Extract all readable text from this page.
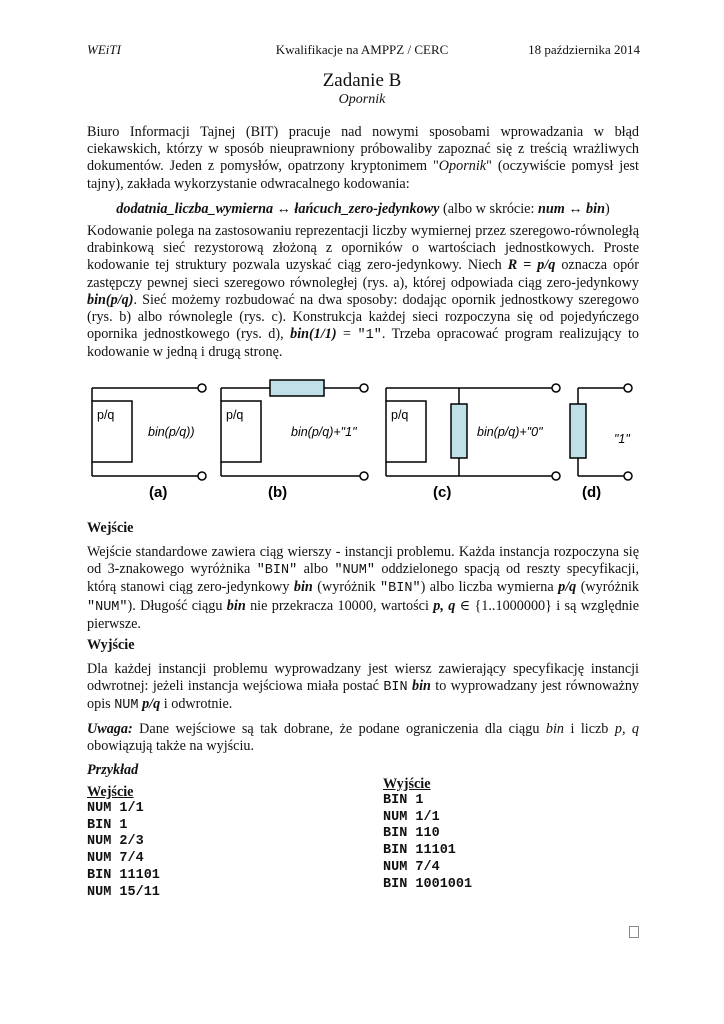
WEiTI	Kwalifikacje na AMPPZ / CERC	18 października 2014
Zadanie B
Opornik

Biuro Informacji Tajnej (BIT) pracuje nad nowymi sposobami wprowadzania w błąd ciekawskich, którzy w sposób nieuprawniony próbowaliby zapoznać się z treścią wrażliwych dokumentów. Jeden z pomysłów, opatrzony kryptonimem "Opornik" (oczywiście pomysł jest tajny), zakłada wykorzystanie odwracalnego kodowania:

dodatnia_liczba_wymierna ↔ łańcuch_zero-jedynkowy (albo w skrócie: num ↔ bin)

Kodowanie polega na zastosowaniu reprezentacji liczby wymiernej przez szeregowo-równoległą drabinkową sieć rezystorową złożoną z oporników o wartościach jednostkowych. Proste kodowanie tej struktury pozwala uzyskać ciąg zero-jedynkowy. Niech R = p/q oznacza opór zastępczy pewnej sieci szeregowo równoległej (rys. a), której odpowiada ciąg zero-jedynkowy bin(p/q). Sieć możemy rozbudować na dwa sposoby: dodając opornik jednostkowy szeregowo (rys. b) albo równolegle (rys. c). Konstrukcja każdej sieci rozpoczyna się od pojedyńczego opornika jednostkowego (rys. d), bin(1/1) = "1". Trzeba opracować program realizujący to kodowanie w jedną i drugą stronę.

p/q	p/q	p/q
bin(p/q))	bin(p/q)+"1"	bin(p/q)+"0"	"1"
(a)	(b)	(c)	(d)
Wejście

Wejście standardowe zawiera ciąg wierszy - instancji problemu. Każda instancja rozpoczyna się od 3-znakowego wyróżnika "BIN" albo "NUM" oddzielonego spacją od reszty specyfikacji, którą stanowi ciąg zero-jedynkowy bin (wyróżnik "BIN") albo liczba wymierna p/q (wyróżnik "NUM"). Długość ciągu bin nie przekracza 10000, wartości p, q ∈ {1..1000000} i są względnie pierwsze.

Wyjście

Dla każdej instancji problemu wyprowadzany jest wiersz zawierający specyfikację instancji odwrotnej: jeżeli instancja wejściowa miała postać BIN bin to wyprowadzany jest równoważny opis NUM p/q i odwrotnie.

Uwaga: Dane wejściowe są tak dobrane, że podane ograniczenia dla ciągu bin i liczb p, q obowiązują także na wyjściu.

Przykład
Wejście
NUM 1/1
BIN 1
NUM 2/3
NUM 7/4
BIN 11101
NUM 15/11
Wyjście
BIN 1
NUM 1/1
BIN 110
BIN 11101
NUM 7/4
BIN 1001001
